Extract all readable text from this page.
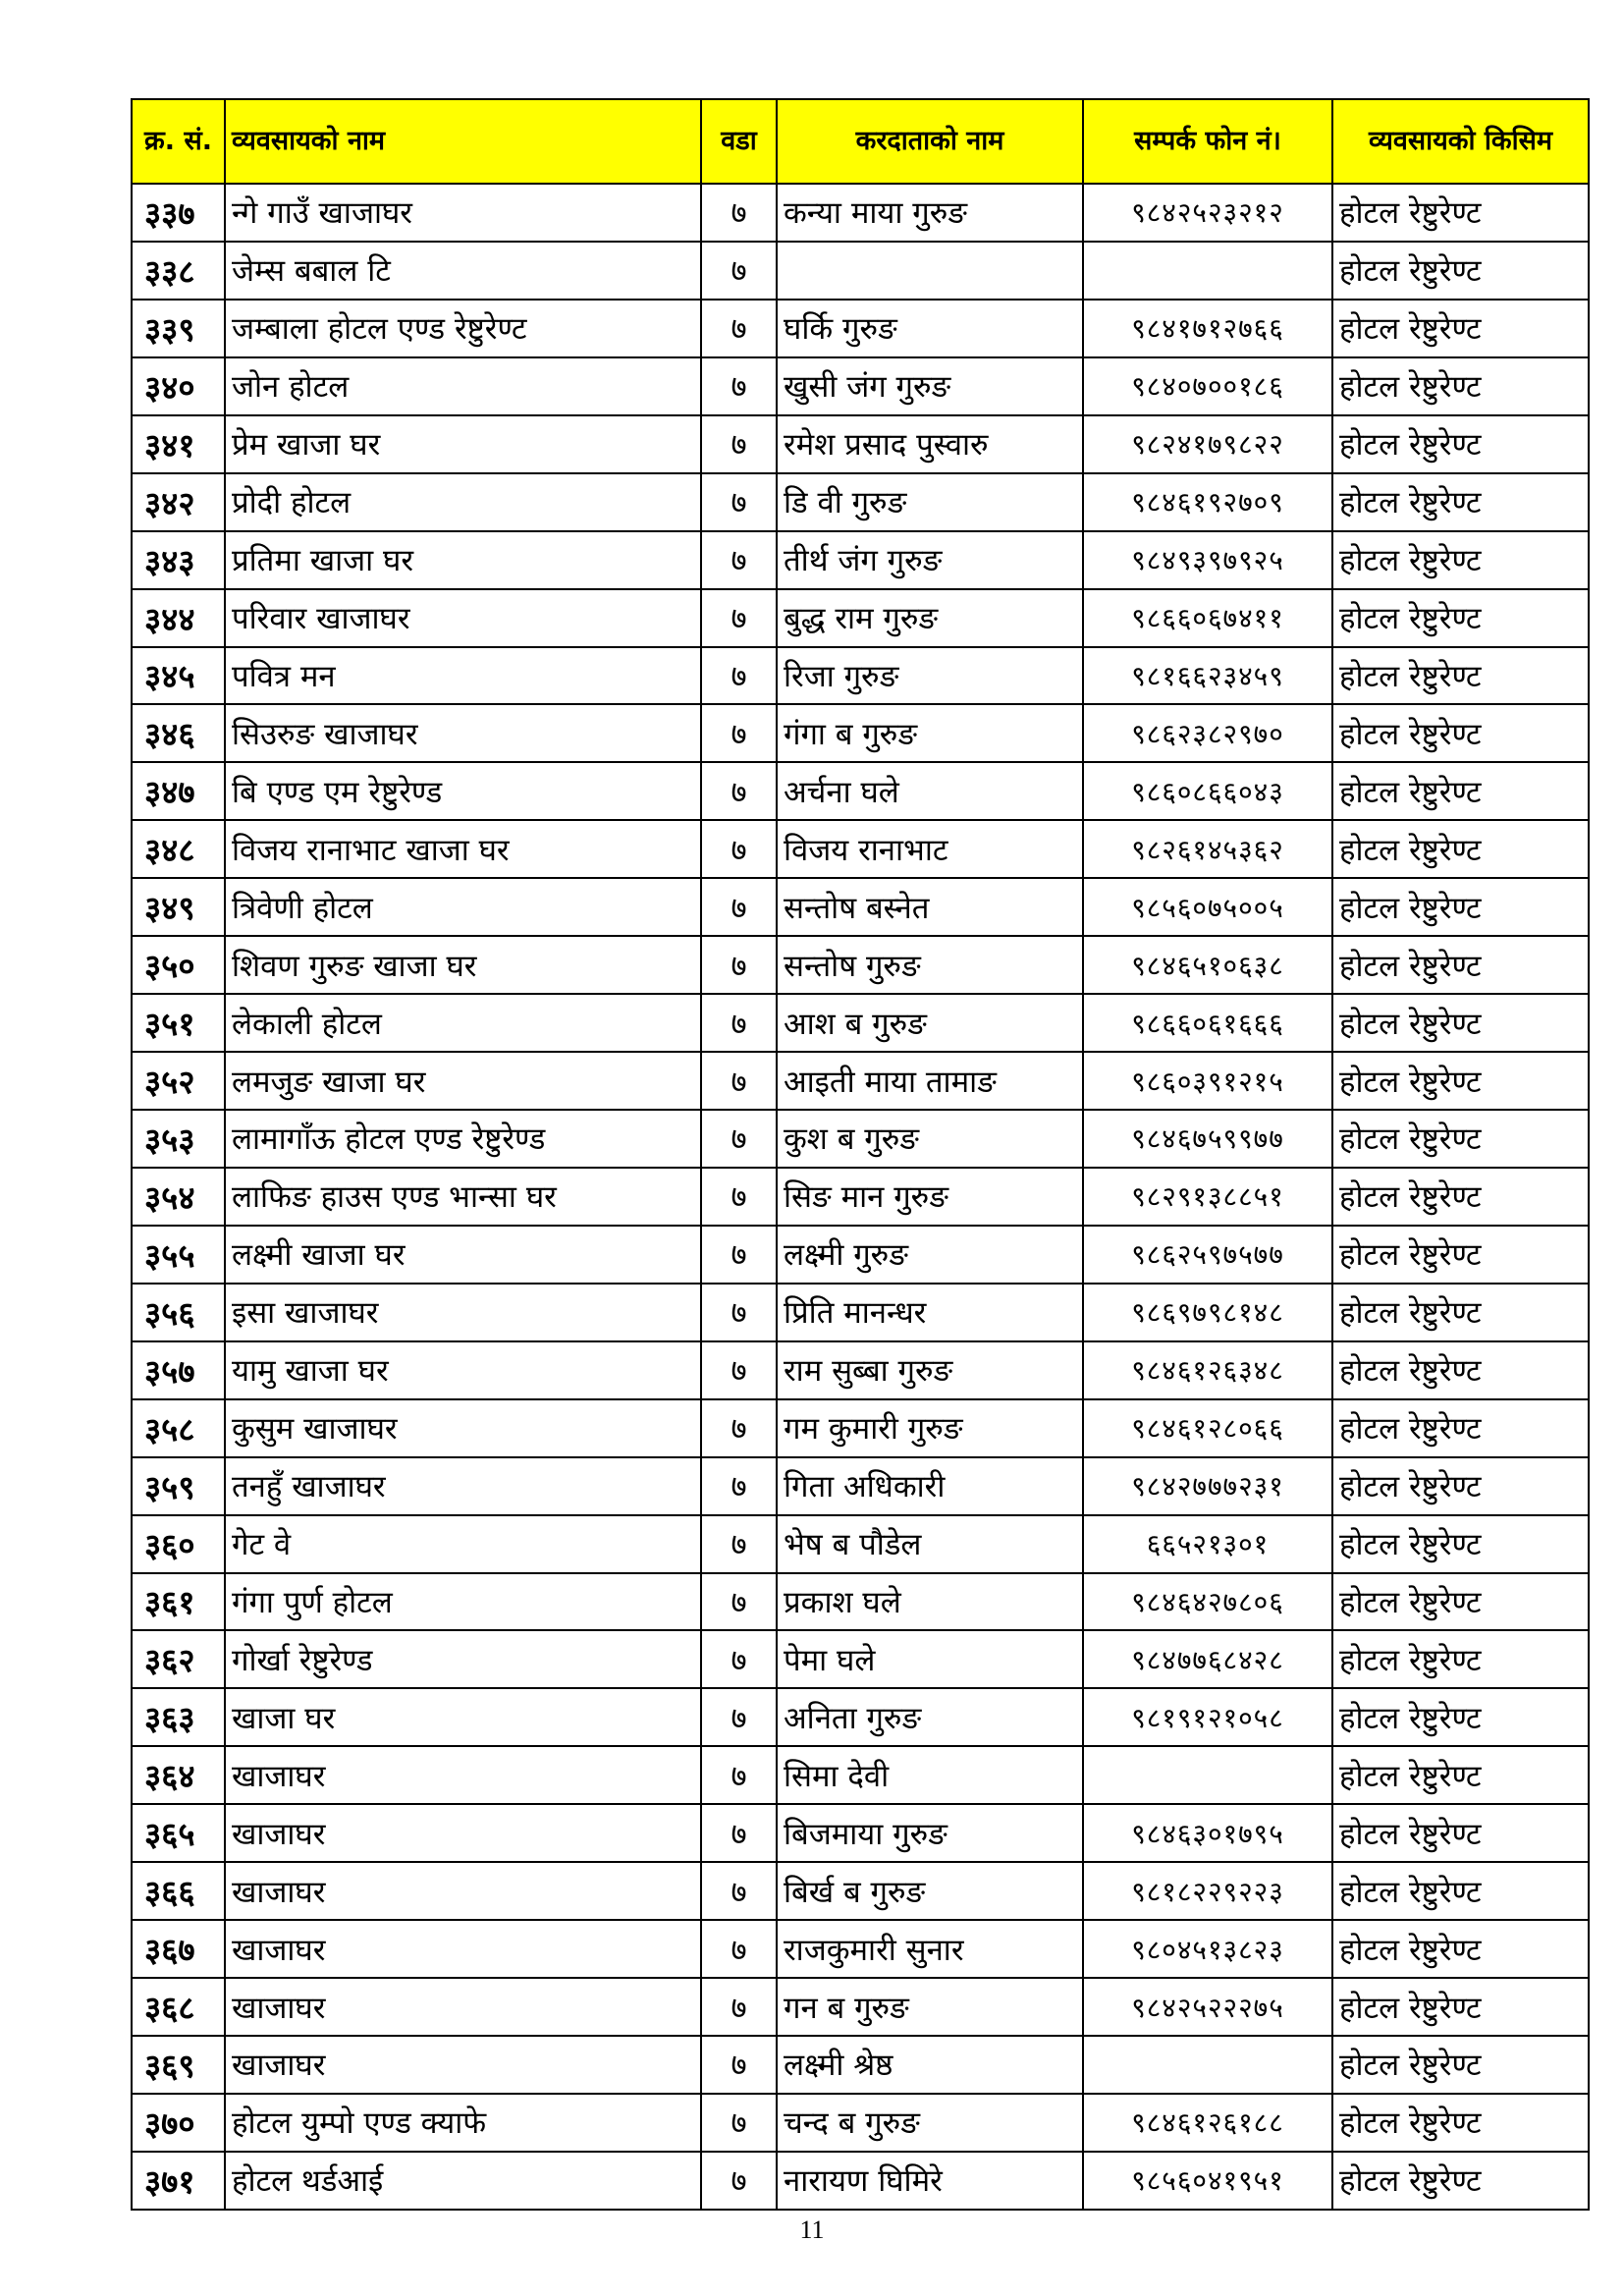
क्र. सं.	व्यवसायको नाम	वडा	करदाताको नाम	सम्पर्क फोन नं।	व्यवसायको किसिम
३३७	न्गे गाउँ खाजाघर	७	कन्या माया गुरुङ	९८४२५२३२१२	होटल रेष्टुरेण्ट
३३८	जेम्स बबाल टि	७			होटल रेष्टुरेण्ट
३३९	जम्बाला होटल एण्ड रेष्टुरेण्ट	७	घर्कि गुरुङ	९८४१७१२७६६	होटल रेष्टुरेण्ट
३४०	जोन होटल	७	खुसी जंग गुरुङ	९८४०७००१८६	होटल रेष्टुरेण्ट
३४१	प्रेम खाजा घर	७	रमेश प्रसाद पुस्वारु	९८२४१७९८२२	होटल रेष्टुरेण्ट
३४२	प्रोदी होटल	७	डि वी गुरुङ	९८४६१९२७०९	होटल रेष्टुरेण्ट
३४३	प्रतिमा खाजा घर	७	तीर्थ जंग गुरुङ	९८४९३९७९२५	होटल रेष्टुरेण्ट
३४४	परिवार खाजाघर	७	बुद्ध राम गुरुङ	९८६६०६७४११	होटल रेष्टुरेण्ट
३४५	पवित्र मन	७	रिजा गुरुङ	९८१६६२३४५९	होटल रेष्टुरेण्ट
३४६	सिउरुङ खाजाघर	७	गंगा ब गुरुङ	९८६२३८२९७०	होटल रेष्टुरेण्ट
३४७	बि एण्ड एम रेष्टुरेण्ड	७	अर्चना घले	९८६०८६६०४३	होटल रेष्टुरेण्ट
३४८	विजय रानाभाट खाजा घर	७	विजय रानाभाट	९८२६१४५३६२	होटल रेष्टुरेण्ट
३४९	त्रिवेणी होटल	७	सन्तोष बस्नेत	९८५६०७५००५	होटल रेष्टुरेण्ट
३५०	शिवण गुरुङ खाजा घर	७	सन्तोष गुरुङ	९८४६५१०६३८	होटल रेष्टुरेण्ट
३५१	लेकाली होटल	७	आश ब गुरुङ	९८६६०६१६६६	होटल रेष्टुरेण्ट
३५२	लमजुङ खाजा घर	७	आइती माया तामाङ	९८६०३९१२१५	होटल रेष्टुरेण्ट
३५३	लामागाँऊ होटल एण्ड रेष्टुरेण्ड	७	कुश ब गुरुङ	९८४६७५९९७७	होटल रेष्टुरेण्ट
३५४	लाफिङ हाउस एण्ड भान्सा घर	७	सिङ मान गुरुङ	९८२९१३८८५१	होटल रेष्टुरेण्ट
३५५	लक्ष्मी खाजा घर	७	लक्ष्मी गुरुङ	९८६२५९७५७७	होटल रेष्टुरेण्ट
३५६	इसा खाजाघर	७	प्रिति मानन्धर	९८६९७९८१४८	होटल रेष्टुरेण्ट
३५७	यामु खाजा घर	७	राम सुब्बा गुरुङ	९८४६१२६३४८	होटल रेष्टुरेण्ट
३५८	कुसुम खाजाघर	७	गम कुमारी गुरुङ	९८४६१२८०६६	होटल रेष्टुरेण्ट
३५९	तनहुँ खाजाघर	७	गिता अधिकारी	९८४२७७७२३१	होटल रेष्टुरेण्ट
३६०	गेट वे	७	भेष ब पौडेल	६६५२१३०१	होटल रेष्टुरेण्ट
३६१	गंगा पुर्ण होटल	७	प्रकाश घले	९८४६४२७८०६	होटल रेष्टुरेण्ट
३६२	गोर्खा रेष्टुरेण्ड	७	पेमा घले	९८४७७६८४२८	होटल रेष्टुरेण्ट
३६३	खाजा घर	७	अनिता गुरुङ	९८१९१२१०५८	होटल रेष्टुरेण्ट
३६४	खाजाघर	७	सिमा देवी		होटल रेष्टुरेण्ट
३६५	खाजाघर	७	बिजमाया गुरुङ	९८४६३०१७९५	होटल रेष्टुरेण्ट
३६६	खाजाघर	७	बिर्ख ब गुरुङ	९८१८२२९२२३	होटल रेष्टुरेण्ट
३६७	खाजाघर	७	राजकुमारी सुनार	९८०४५१३८२३	होटल रेष्टुरेण्ट
३६८	खाजाघर	७	गन ब गुरुङ	९८४२५२२२७५	होटल रेष्टुरेण्ट
३६९	खाजाघर	७	लक्ष्मी श्रेष्ठ		होटल रेष्टुरेण्ट
३७०	होटल युम्पो एण्ड क्याफे	७	चन्द ब गुरुङ	९८४६१२६१८८	होटल रेष्टुरेण्ट
३७१	होटल थर्डआई	७	नारायण घिमिरे	९८५६०४१९५१	होटल रेष्टुरेण्ट
11
